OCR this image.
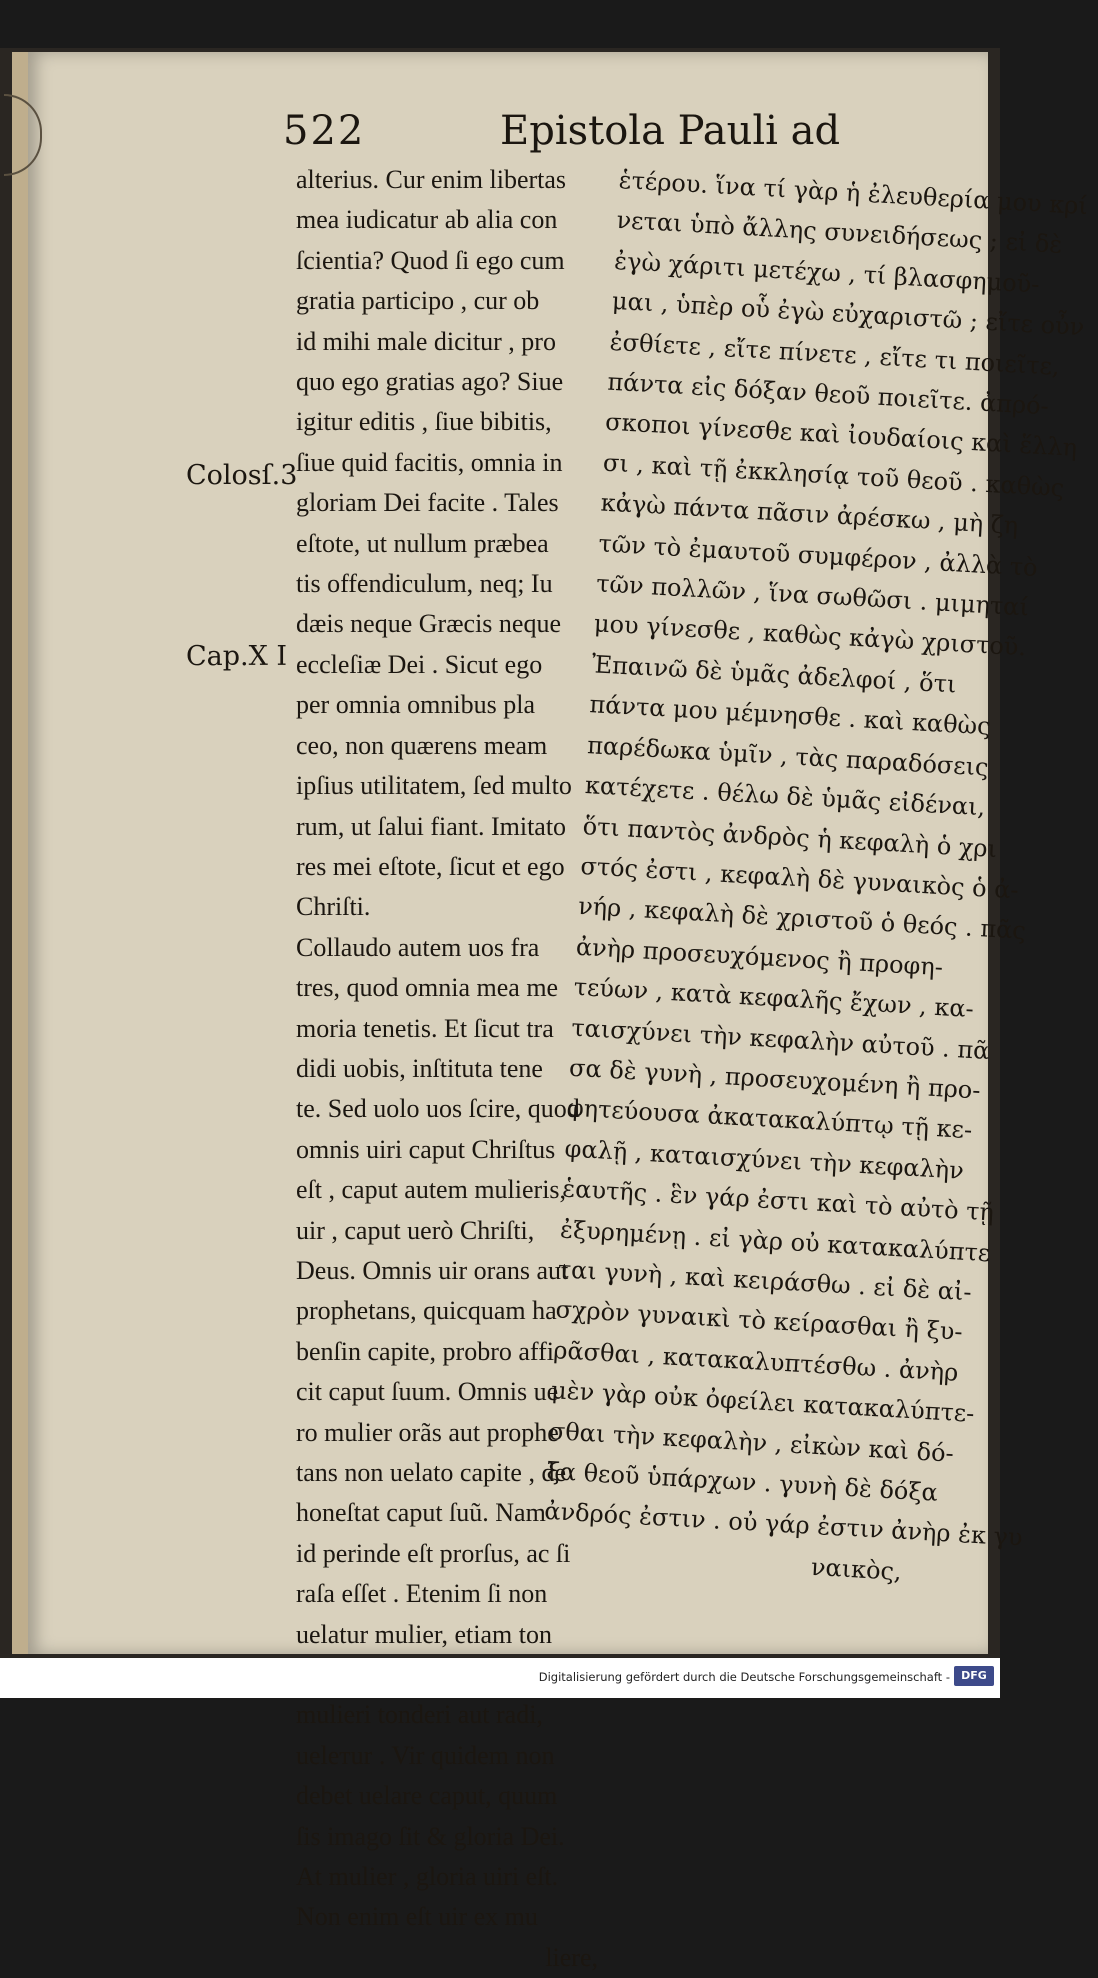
522	Epistola Pauli ad
Colosſ.3
Cap.X I
alterius. Cur enim libertas
mea iudicatur ab alia con
ſcientia? Quod ſi ego cum
gratia participo , cur ob
id mihi male dicitur , pro
quo ego gratias ago? Siue
igitur editis , ſiue bibitis,
ſiue quid facitis, omnia in
gloriam Dei facite . Tales
eſtote, ut nullum præbea
tis offendiculum, neq; Iu
dæis neque Græcis neque
eccleſiæ Dei . Sicut ego
per omnia omnibus pla
ceo, non quærens meam
ipſius utilitatem, ſed multo
rum, ut ſalui fiant. Imitato
res mei eſtote, ſicut et ego
Chriſti.
Collaudo autem uos fra
tres, quod omnia mea me
moria tenetis. Et ſicut tra
didi uobis, inſtituta tene
te. Sed uolo uos ſcire, quod
omnis uiri caput Chriſtus
eſt , caput autem mulieris,
uir , caput uerò Chriſti,
Deus. Omnis uir orans aut
prophetans, quicquam ha
benſin capite, probro affi
cit caput ſuum. Omnis ue
ro mulier orãs aut prophe
tans non uelato capite , de
honeſtat caput ſuũ. Nam
id perinde eſt prorſus, ac ſi
raſa eſſet . Etenim ſi non
uelatur mulier, etiam ton
mulieri tonderi aut radi,
uelетur . Vir quidem non
debet uelare caput, quum
ſis imago ſit & gloria Dei.
At mulier , gloria uiri eſt.
Non enim eſt uir ex mu
liere,
ἑτέρου. ἵνα τί γὰρ ἡ ἐλευθερία μου κρί
νεται ὑπὸ ἄλλης συνειδήσεως ; εἰ δὲ
ἐγὼ χάριτι μετέχω , τί βλασφημοῦ-
μαι , ὑπὲρ οὗ ἐγὼ εὐχαριστῶ ; εἴτε οὖν
ἐσθίετε , εἴτε πίνετε , εἴτε τι ποιεῖτε,
πάντα εἰς δόξαν θεοῦ ποιεῖτε. ἀπρό-
σκοποι γίνεσθε καὶ ἰουδαίοις καὶ ἕλλη
σι , καὶ τῇ ἐκκλησίᾳ τοῦ θεοῦ . καθὼς
κἀγὼ πάντα πᾶσιν ἀρέσκω , μὴ ζη
τῶν τὸ ἐμαυτοῦ συμφέρον , ἀλλὰ τὸ
τῶν πολλῶν , ἵνα σωθῶσι . μιμηταί
μου γίνεσθε , καθὼς κἀγὼ χριστοῦ.
Ἐπαινῶ δὲ ὑμᾶς ἀδελφοί , ὅτι
πάντα μου μέμνησθε . καὶ καθὼς
παρέδωκα ὑμῖν , τὰς παραδόσεις
κατέχετε . θέλω δὲ ὑμᾶς εἰδέναι,
ὅτι παντὸς ἀνδρὸς ἡ κεφαλὴ ὁ χρι
στός ἐστι , κεφαλὴ δὲ γυναικὸς ὁ ἀ-
νήρ , κεφαλὴ δὲ χριστοῦ ὁ θεός . πᾶς
ἀνὴρ προσευχόμενος ἢ προφη-
τεύων , κατὰ κεφαλῆς ἔχων , κα-
ταισχύνει τὴν κεφαλὴν αὐτοῦ . πᾶ
σα δὲ γυνὴ , προσευχομένη ἢ προ-
φητεύουσα ἀκατακαλύπτῳ τῇ κε-
φαλῇ , καταισχύνει τὴν κεφαλὴν
ἑαυτῆς . ἓν γάρ ἐστι καὶ τὸ αὐτὸ τῇ
ἐξυρημένῃ . εἰ γὰρ οὐ κατακαλύπτε
ται γυνὴ , καὶ κειράσθω . εἰ δὲ αἰ-
σχρὸν γυναικὶ τὸ κείρασθαι ἢ ξυ-
ρᾶσθαι , κατακαλυπτέσθω . ἀνὴρ
μὲν γὰρ οὐκ ὀφείλει κατακαλύπτε-
σθαι τὴν κεφαλὴν , εἰκὼν καὶ δό-
ξα θεοῦ ὑπάρχων . γυνὴ δὲ δόξα
ἀνδρός ἐστιν . οὐ γάρ ἐστιν ἀνὴρ ἐκ γυ
ναικὸς,
Digitalisierung gefördert durch die Deutsche Forschungsgemeinschaft -	DFG
